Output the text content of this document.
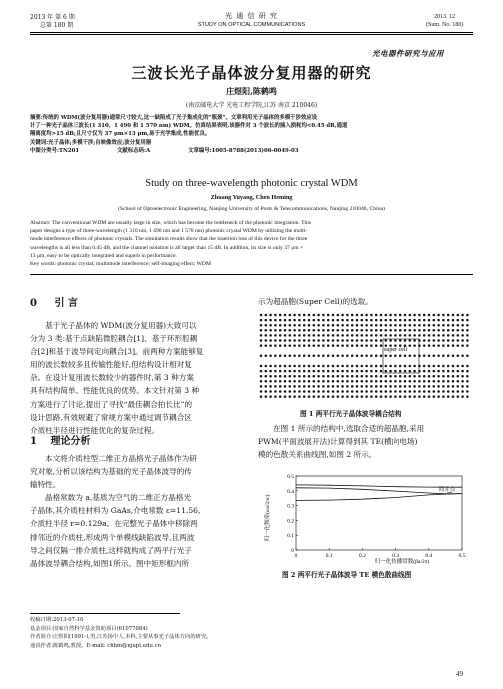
2013 年 第 6 期
总第 180 期
光 通 信 研 究
STUDY ON OPTICAL COMMUNICATIONS
2013. 12
(Sum. No. 180)
光电器件研究与应用
三波长光子晶体波分复用器的研究
庄煜阳,陈鹤鸣
(南京邮电大学 光电工程学院,江苏 南京 210046)
摘要:传统的 WDM(波分复用器)通常尺寸较大,这一缺陷成了光子集成化的“瓶颈”。文章利用光子晶体的多模干涉效应设
计了一种光子晶体三波长(1 310、1 490 和 1 570 nm) WDM。仿真结果表明,该器件对 3 个波长的插入损耗均<0.45 dB,通道
隔离度均>15 dB;且尺寸仅为 37 μm×13 μm,易于光学集成,性能优良。
关键词:光子晶体;多模干涉;自映像效应;波分复用器
中图分类号:TN201	文献标志码:A	文章编号:1005-8788(2013)06-0049-03
Study on three-wavelength photonic crystal WDM
Zhuang Yuyang, Chen Heming
(School of Optoelectronic Engineering, Nanjing University of Posts & Telecommunications, Nanjing 210046, China)
Abstract: The conventional WDM are usually large in size, which has become the bottleneck of the photonic integration. This
paper designs a type of three-wavelength (1 310 nm, 1 490 nm and 1 570 nm) photonic crystal WDM by utilizing the multi-
mode interference effects of photonic crystals. The simulation results show that the insertion loss of this device for the three
wavelengths is all less than 0.45 dB, and the channel isolation is all larger than 15 dB. In addition, its size is only 37 μm ×
13 μm, easy to be optically integrated and superb in performance.
Key words: photonic crystal; multimode interference; self-imaging effect; WDM
0 引 言
基于光子晶体的 WDM(波分复用器)大致可以
分为 3 类:基于点缺陷微腔耦合[1]、基于环形腔耦
合[2]和基于波导间定向耦合[3]。前两种方案能够复
用的波长数较多且传输性能好,但结构设计相对复
杂。在设计复用波长数较少的器件时,第 3 种方案
具有结构简单、性能优良的优势。本文针对第 3 种
方案进行了讨论,提出了寻找“最佳耦合拍长比”的
设计思路,有效规避了常规方案中通过调节耦合区
介质柱半径进行性能优化的复杂过程。
1 理论分析
本文将介质柱型二维正方晶格光子晶体作为研
究对象,分析以该结构为基础的光子晶体波导的传
输特性。
晶格常数为 a,基质为空气的二维正方晶格光
子晶体,其介质柱材料为 GaAs,介电常数 ε=11.56,
介质柱半径 r=0.129a。在完整光子晶体中移除两
排邻近的介质柱,形成两个单模线缺陷波导,且两波
导之间仅隔一排介质柱,这样就构成了两平行光子
晶体波导耦合结构,如图1所示。图中矩形框内所
示为超晶胞(Super Cell)的选取。
super cell
图 1 两平行光子晶体波导耦合结构
在图 1 所示的结构中,选取合适的超晶胞,采用
PWM(平面波展开法)计算得到其 TE(横向电场)
模的色散关系曲线图,如图 2 所示。
0	0.1	0.2	0.3	0.4	0.5
0
0.1
0.2
0.3
0.4
0.5
简并点
归一化频率(ωa/2πc)
归一化传播常数(βa/2π)
图 2 两平行光子晶体波导 TE 模色散曲线图
收稿日期:2013-07-10
基金项目:国家自然科学基金资助项目(61077084)
作者简介:庄煜阳(1991-),男,江苏扬中人,本科,主要从事光子晶体方向的研究。
通讯作者:陈鹤鸣,教授。E-mail: chhm@njupt.edu.cn
49
